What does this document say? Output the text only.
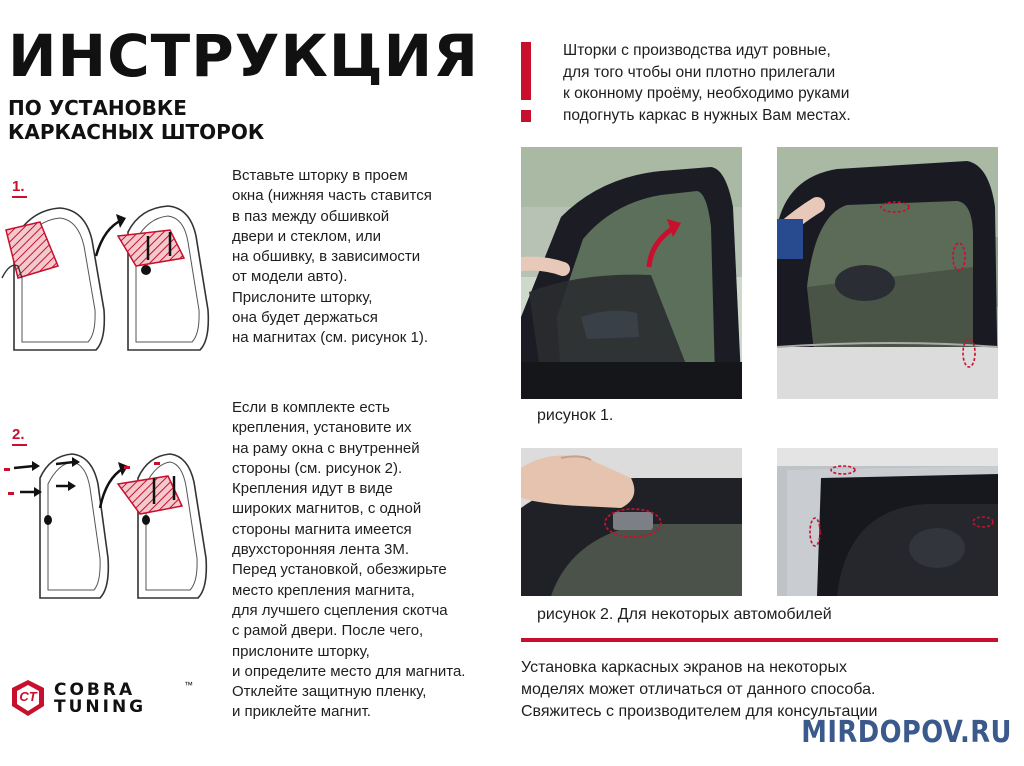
ИНСТРУКЦИЯ
ПО УСТАНОВКЕ
КАРКАСНЫХ ШТОРОК
Шторки с производства идут ровные,
для того чтобы они плотно прилегали
к оконному проёму, необходимо руками
подогнуть каркас в нужных Вам местах.
1.
Вставьте шторку в проем
окна (нижняя часть ставится
в паз между обшивкой
двери и стеклом, или
на обшивку, в зависимости
от модели авто).
Прислоните шторку,
она будет держаться
на магнитах (см. рисунок 1).
2.
Если в комплекте есть
крепления, установите их
на раму окна с внутренней
стороны (см. рисунок 2).
Крепления идут в виде
широких магнитов, с одной
стороны магнита имеется
двухсторонняя лента 3М.
Перед установкой, обезжирьте
место крепления магнита,
для лучшего сцепления скотча
с рамой двери. После чего,
прислоните шторку,
и определите место для магнита.
Отклейте защитную пленку,
и приклейте магнит.
рисунок 1.
рисунок 2. Для некоторых автомобилей
Установка каркасных экранов на некоторых
моделях может отличаться от данного способа.
Свяжитесь с производителем для консультации
CT	COBRA
TUNING
™
MIRDOPOV.RU
